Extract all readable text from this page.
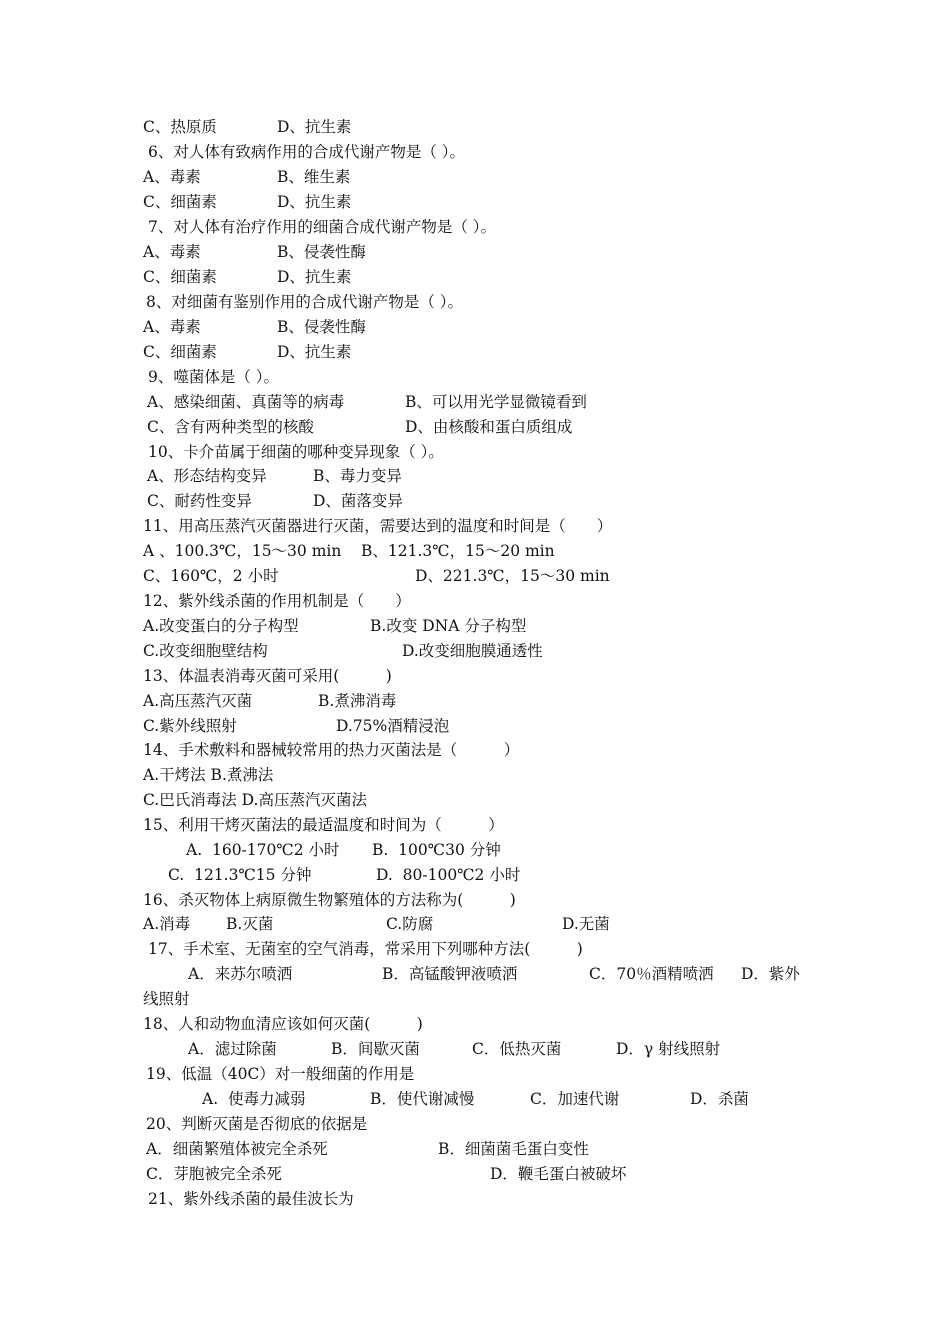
C、热原质	D、抗生素
6、对人体有致病作用的合成代谢产物是（ ）。
A、毒素	B、维生素
C、细菌素	D、抗生素
7、对人体有治疗作用的细菌合成代谢产物是（ ）。
A、毒素	B、侵袭性酶
C、细菌素	D、抗生素
8、对细菌有鉴别作用的合成代谢产物是（ ）。
A、毒素	B、侵袭性酶
C、细菌素	D、抗生素
9、噬菌体是（ ）。
A、感染细菌、真菌等的病毒	B、可以用光学显微镜看到
C、含有两种类型的核酸	D、由核酸和蛋白质组成
10、卡介苗属于细菌的哪种变异现象（ ）。
A、形态结构变异	B、毒力变异
C、耐药性变异	D、菌落变异
11、用高压蒸汽灭菌器进行灭菌，需要达到的温度和时间是（　　）
A 、100.3℃，15～30 min B、121.3℃，15～20 min
C、160℃，2 小时	D、221.3℃，15～30 min
12、紫外线杀菌的作用机制是（　　）
A.改变蛋白的分子构型	B.改变 DNA 分子构型
C.改变细胞壁结构	D.改变细胞膜通透性
13、体温表消毒灭菌可采用(　　　)
A.高压蒸汽灭菌	B.煮沸消毒
C.紫外线照射	D.75%酒精浸泡
14、手术敷料和器械较常用的热力灭菌法是（　　　）
A.干烤法 B.煮沸法
C.巴氏消毒法 D.高压蒸汽灭菌法
15、利用干烤灭菌法的最适温度和时间为（　　　）
A.  160-170℃2 小时 B.  100℃30 分钟
C.  121.3℃15 分钟	D.  80-100℃2 小时
16、杀灭物体上病原微生物繁殖体的方法称为(　　　)
A.消毒 B.灭菌	C.防腐	D.无菌
17、手术室、无菌室的空气消毒，常采用下列哪种方法(　　　)
A．来苏尔喷洒	B．高锰酸钾液喷洒	C．70％酒精喷洒 D．紫外
线照射
18、人和动物血清应该如何灭菌(　　　)
A．滤过除菌	B．间歇灭菌	C．低热灭菌	D．γ 射线照射
19、低温（40C）对一般细菌的作用是
A.  使毒力减弱	B．使代谢减慢	C．加速代谢	D．杀菌
20、判断灭菌是否彻底的依据是
A．细菌繁殖体被完全杀死	B．细菌菌毛蛋白变性
C．芽胞被完全杀死	D．鞭毛蛋白被破坏
21、紫外线杀菌的最佳波长为
